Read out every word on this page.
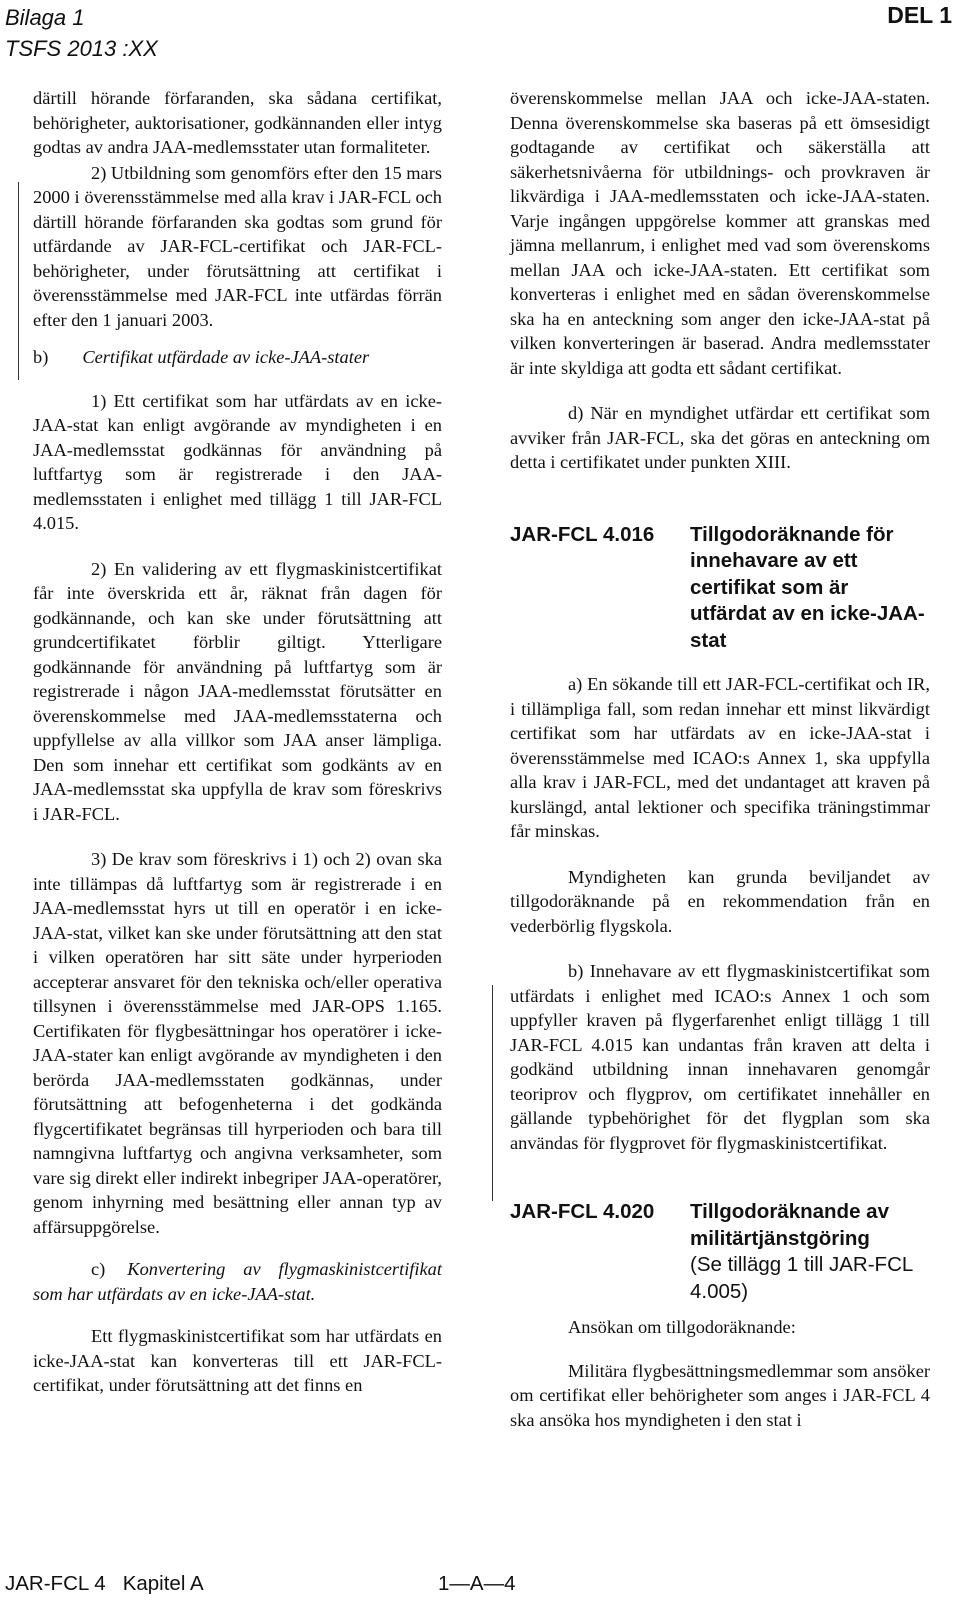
Bilaga 1
TSFS 2013 :XX
DEL 1

därtill hörande förfaranden, ska sådana certifikat, behörigheter, auktorisationer, godkännanden eller intyg godtas av andra JAA-medlemsstater utan formaliteter.

2) Utbildning som genomförs efter den 15 mars 2000 i överensstämmelse med alla krav i JAR-FCL och därtill hörande förfaranden ska godtas som grund för utfärdande av JAR-FCL-certifikat och JAR-FCL-behörigheter, under förutsättning att certifikat i överensstämmelse med JAR-FCL inte utfärdas förrän efter den 1 januari 2003.

b) Certifikat utfärdade av icke-JAA-stater

1) Ett certifikat som har utfärdats av en icke-JAA-stat kan enligt avgörande av myndigheten i en JAA-medlemsstat godkännas för användning på luftfartyg som är registrerade i den JAA-medlemsstaten i enlighet med tillägg 1 till JAR-FCL 4.015.

2) En validering av ett flygmaskinistcertifikat får inte överskrida ett år, räknat från dagen för godkännande, och kan ske under förutsättning att grundcertifikatet förblir giltigt. Ytterligare godkännande för användning på luftfartyg som är registrerade i någon JAA-medlemsstat förutsätter en överenskommelse med JAA-medlemsstaterna och uppfyllelse av alla villkor som JAA anser lämpliga. Den som innehar ett certifikat som godkänts av en JAA-medlemsstat ska uppfylla de krav som föreskrivs i JAR-FCL.

3) De krav som föreskrivs i 1) och 2) ovan ska inte tillämpas då luftfartyg som är registrerade i en JAA-medlemsstat hyrs ut till en operatör i en icke-JAA-stat, vilket kan ske under förutsättning att den stat i vilken operatören har sitt säte under hyrperioden accepterar ansvaret för den tekniska och/eller operativa tillsynen i överensstämmelse med JAR-OPS 1.165. Certifikaten för flygbesättningar hos operatörer i icke-JAA-stater kan enligt avgörande av myndigheten i den berörda JAA-medlemsstaten godkännas, under förutsättning att befogenheterna i det godkända flygcertifikatet begränsas till hyrperioden och bara till namngivna luftfartyg och angivna verksamheter, som vare sig direkt eller indirekt inbegriper JAA-operatörer, genom inhyrning med besättning eller annan typ av affärsuppgörelse.

c) Konvertering av flygmaskinistcertifikat som har utfärdats av en icke-JAA-stat.

Ett flygmaskinistcertifikat som har utfärdats en icke-JAA-stat kan konverteras till ett JAR-FCL-certifikat, under förutsättning att det finns en

överenskommelse mellan JAA och icke-JAA-staten. Denna överenskommelse ska baseras på ett ömsesidigt godtagande av certifikat och säkerställa att säkerhetsnivåerna för utbildnings- och provkraven är likvärdiga i JAA-medlemsstaten och icke-JAA-staten. Varje ingången uppgörelse kommer att granskas med jämna mellanrum, i enlighet med vad som överenskoms mellan JAA och icke-JAA-staten. Ett certifikat som konverteras i enlighet med en sådan överenskommelse ska ha en anteckning som anger den icke-JAA-stat på vilken konverteringen är baserad. Andra medlemsstater är inte skyldiga att godta ett sådant certifikat.

d) När en myndighet utfärdar ett certifikat som avviker från JAR-FCL, ska det göras en anteckning om detta i certifikatet under punkten XIII.

JAR-FCL 4.016 Tillgodoräknande för innehavare av ett certifikat som är utfärdat av en icke-JAA-stat

a) En sökande till ett JAR-FCL-certifikat och IR, i tillämpliga fall, som redan innehar ett minst likvärdigt certifikat som har utfärdats av en icke-JAA-stat i överensstämmelse med ICAO:s Annex 1, ska uppfylla alla krav i JAR-FCL, med det undantaget att kraven på kurslängd, antal lektioner och specifika träningstimmar får minskas.

Myndigheten kan grunda beviljandet av tillgodoräknande på en rekommendation från en vederbörlig flygskola.

b) Innehavare av ett flygmaskinistcertifikat som utfärdats i enlighet med ICAO:s Annex 1 och som uppfyller kraven på flygerfarenhet enligt tillägg 1 till JAR-FCL 4.015 kan undantas från kraven att delta i godkänd utbildning innan innehavaren genomgår teoriprov och flygprov, om certifikatet innehåller en gällande typbehörighet för det flygplan som ska användas för flygprovet för flygmaskinistcertifikat.

JAR-FCL 4.020 Tillgodoräknande av militärtjänstgöring
(Se tillägg 1 till JAR-FCL 4.005)

Ansökan om tillgodoräknande:

Militära flygbesättningsmedlemmar som ansöker om certifikat eller behörigheter som anges i JAR-FCL 4 ska ansöka hos myndigheten i den stat i

JAR-FCL 4   Kapitel A	1—A—4
